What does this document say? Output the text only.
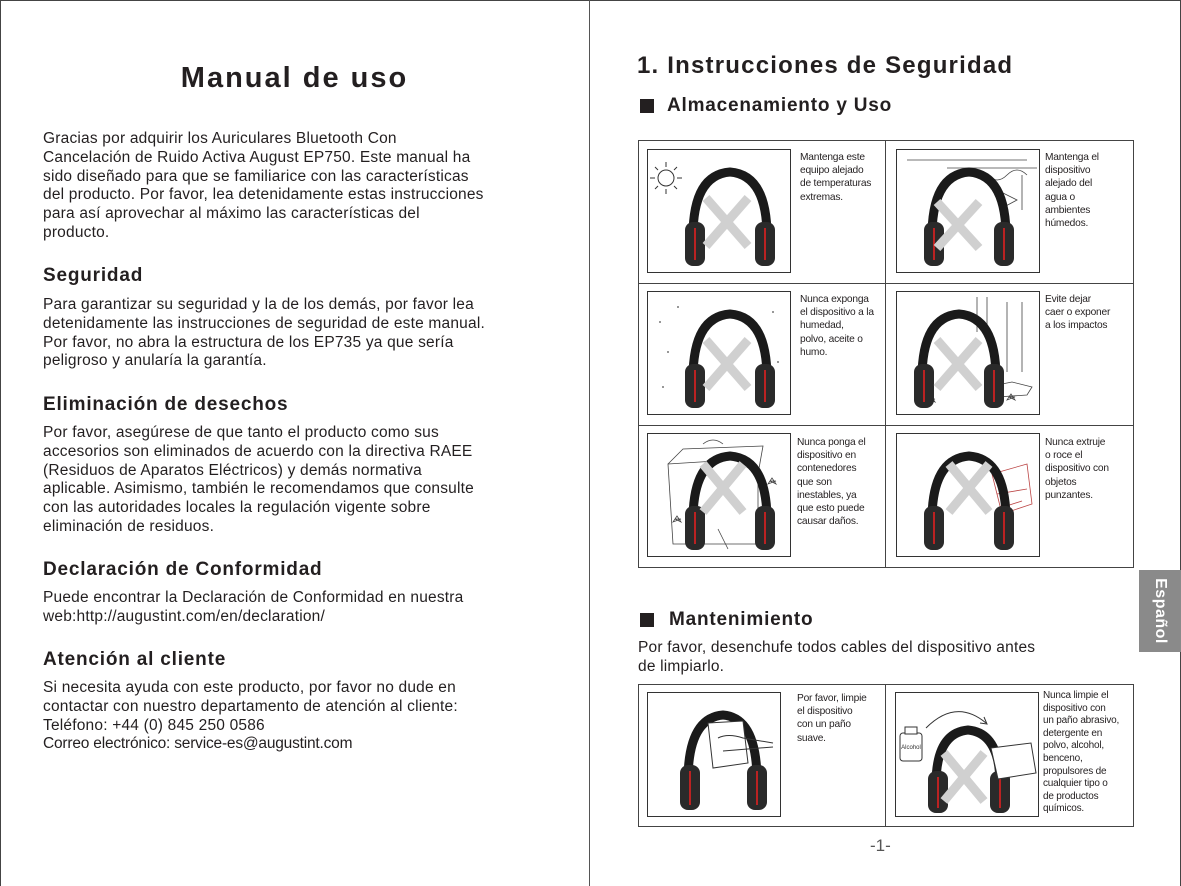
Manual de uso
Gracias por adquirir los Auriculares Bluetooth Con
Cancelación de Ruido Activa August EP750. Este manual ha
sido diseñado para que se familiarice con las características
del producto. Por favor, lea detenidamente estas instrucciones
para así aprovechar al máximo las características del
producto.
Seguridad
Para garantizar su seguridad y la de los demás, por favor lea
detenidamente las instrucciones de seguridad de este manual.
Por favor, no abra la estructura de los EP735 ya que sería
peligroso y anularía la garantía.
Eliminación de desechos
Por favor, asegúrese de que tanto el producto como sus
accesorios son eliminados de acuerdo con la directiva RAEE
(Residuos de Aparatos Eléctricos) y demás normativa
aplicable. Asimismo, también le recomendamos que consulte
con las autoridades locales la regulación vigente sobre
eliminación de residuos.
Declaración de Conformidad
Puede encontrar la Declaración de Conformidad en nuestra
web:http://augustint.com/en/declaration/
Atención al cliente
Si necesita ayuda con este producto, por favor no dude en
contactar con nuestro departamento de atención al cliente:
Teléfono: +44 (0) 845 250 0586
Correo electrónico: service-es@augustint.com
1. Instrucciones de Seguridad
Almacenamiento y Uso
Mantenga este
equipo alejado
de temperaturas
extremas.
Mantenga el
dispositivo
alejado del
agua o
ambientes
húmedos.
Nunca exponga
el dispositivo a la
humedad,
polvo, aceite o
humo.
Evite dejar
caer o exponer
a los impactos
Nunca ponga el
dispositivo en
contenedores
que son
inestables, ya
que esto puede
causar daños.
Nunca extruje
o roce el
dispositivo con
objetos
punzantes.
Mantenimiento
Por favor, desenchufe todos cables del dispositivo antes
de limpiarlo.
Por favor, limpie
el dispositivo
con un paño
suave.
Alcohol
Nunca limpie el
dispositivo con
un paño abrasivo,
detergente en
polvo, alcohol,
benceno,
propulsores de
cualquier tipo o
de productos
químicos.
-1-
Español
